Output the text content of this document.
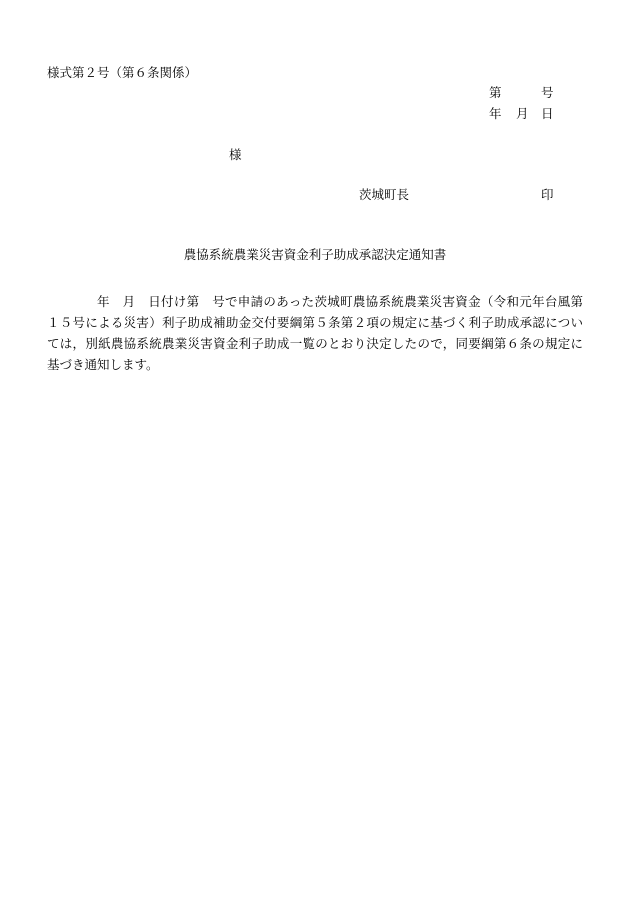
様式第２号（第６条関係）
第	号
年 月 日
様
茨城町長	印
農協系統農業災害資金利子助成承認決定通知書
年　月　日付け第　号で申請のあった茨城町農協系統農業災害資金（令和元年台風第１５号による災害）利子助成補助金交付要綱第５条第２項の規定に基づく利子助成承認については，別紙農協系統農業災害資金利子助成一覧のとおり決定したので，同要綱第６条の規定に基づき通知します。
